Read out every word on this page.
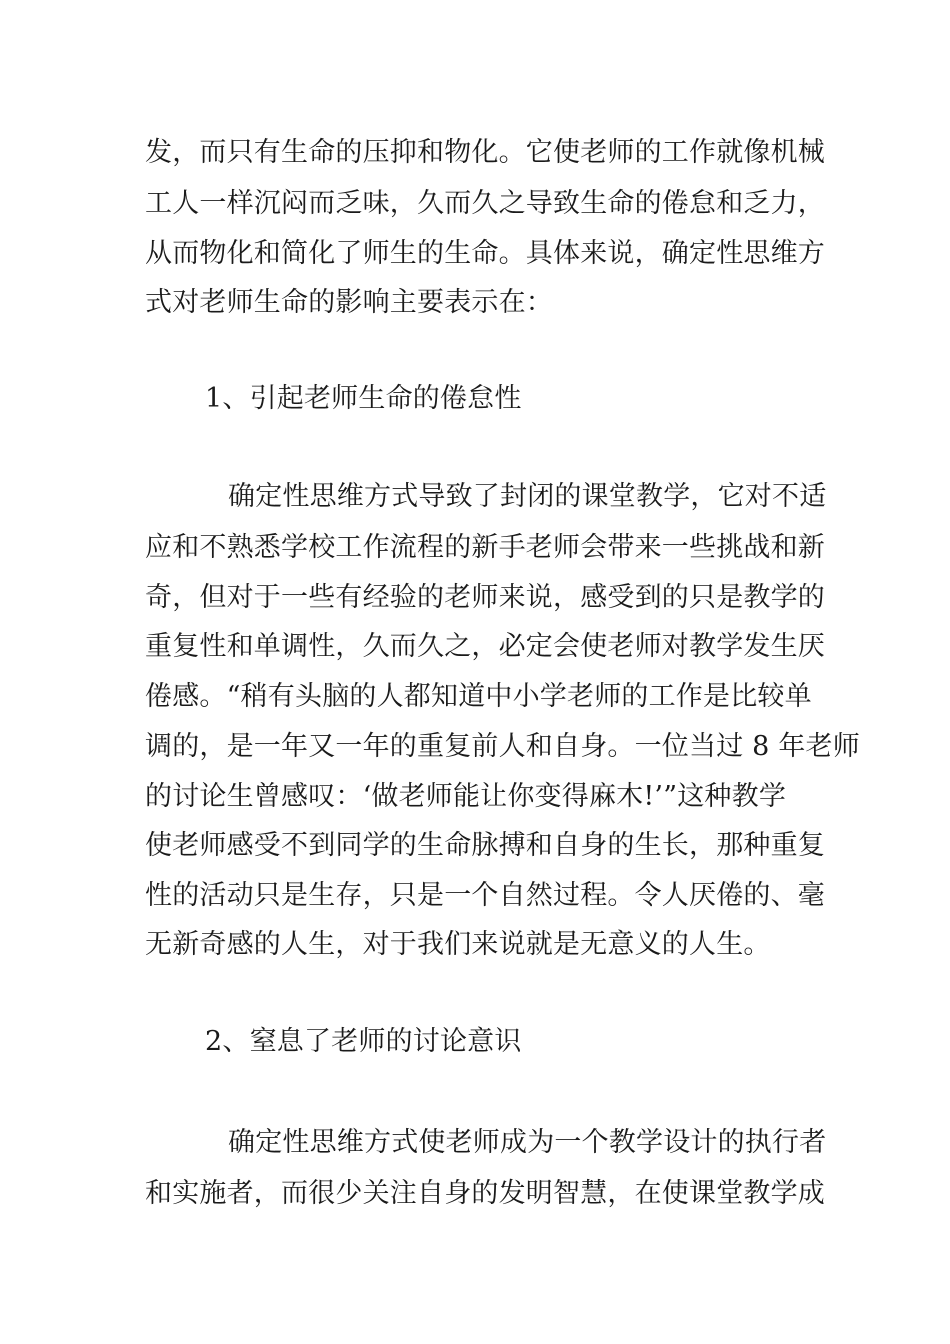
发，而只有生命的压抑和物化。它使老师的工作就像机械

工人一样沉闷而乏味，久而久之导致生命的倦怠和乏力，

从而物化和简化了师生的生命。具体来说，确定性思维方

式对老师生命的影响主要表示在：

1、引起老师生命的倦怠性

确定性思维方式导致了封闭的课堂教学，它对不适

应和不熟悉学校工作流程的新手老师会带来一些挑战和新

奇，但对于一些有经验的老师来说，感受到的只是教学的

重复性和单调性，久而久之，必定会使老师对教学发生厌

倦感。“稍有头脑的人都知道中小学老师的工作是比较单

调的，是一年又一年的重复前人和自身。一位当过 8 年老师

的讨论生曾感叹：‘做老师能让你变得麻木!’”这种教学

使老师感受不到同学的生命脉搏和自身的生长，那种重复

性的活动只是生存，只是一个自然过程。令人厌倦的、毫

无新奇感的人生，对于我们来说就是无意义的人生。

2、窒息了老师的讨论意识

确定性思维方式使老师成为一个教学设计的执行者

和实施者，而很少关注自身的发明智慧，在使课堂教学成
